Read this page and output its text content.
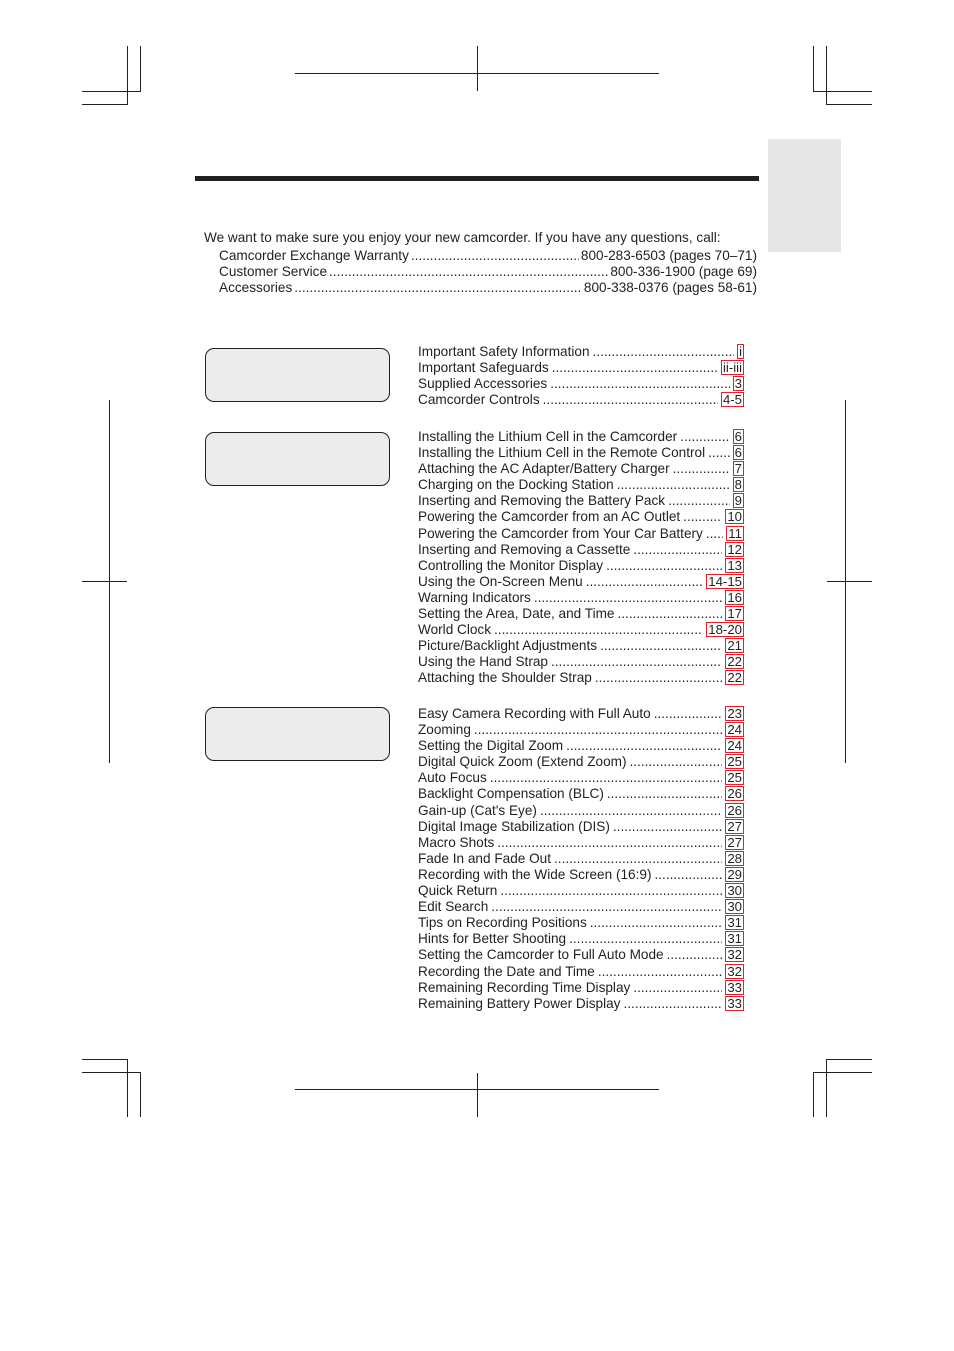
We want to make sure you enjoy your new camcorder. If you have any questions, call:
Camcorder Exchange Warranty .....	800-283-6503 (pages 70–71)
Customer Service .....	800-336-1900 (page 69)
Accessories .....	800-338-0376 (pages 58-61)
Important Safety Information .....	i
Important Safeguards .....	ii-iii
Supplied Accessories .....	3
Camcorder Controls .....	4-5
Installing the Lithium Cell in the Camcorder .....	6
Installing the Lithium Cell in the Remote Control ..... 6
Attaching the AC Adapter/Battery Charger .....	7
Charging on the Docking Station .....	8
Inserting and Removing the Battery Pack .....	9
Powering the Camcorder from an AC Outlet .....	10
Powering the Camcorder from Your Car Battery ..... 11
Inserting and Removing a Cassette .....	12
Controlling the Monitor Display .....	13
Using the On-Screen Menu .....	14-15
Warning Indicators .....	16
Setting the Area, Date, and Time .....	17
World Clock .....	18-20
Picture/Backlight Adjustments .....	21
Using the Hand Strap .....	22
Attaching the Shoulder Strap .....	22
Easy Camera Recording with Full Auto .....	23
Zooming .....	24
Setting the Digital Zoom .....	24
Digital Quick Zoom (Extend Zoom) .....	25
Auto Focus .....	25
Backlight Compensation (BLC) .....	26
Gain-up (Cat's Eye) .....	26
Digital Image Stabilization (DIS) .....	27
Macro Shots .....	27
Fade In and Fade Out .....	28
Recording with the Wide Screen (16:9) .....	29
Quick Return .....	30
Edit Search .....	30
Tips on Recording Positions .....	31
Hints for Better Shooting .....	31
Setting the Camcorder to Full Auto Mode .....	32
Recording the Date and Time .....	32
Remaining Recording Time Display .....	33
Remaining Battery Power Display .....	33
